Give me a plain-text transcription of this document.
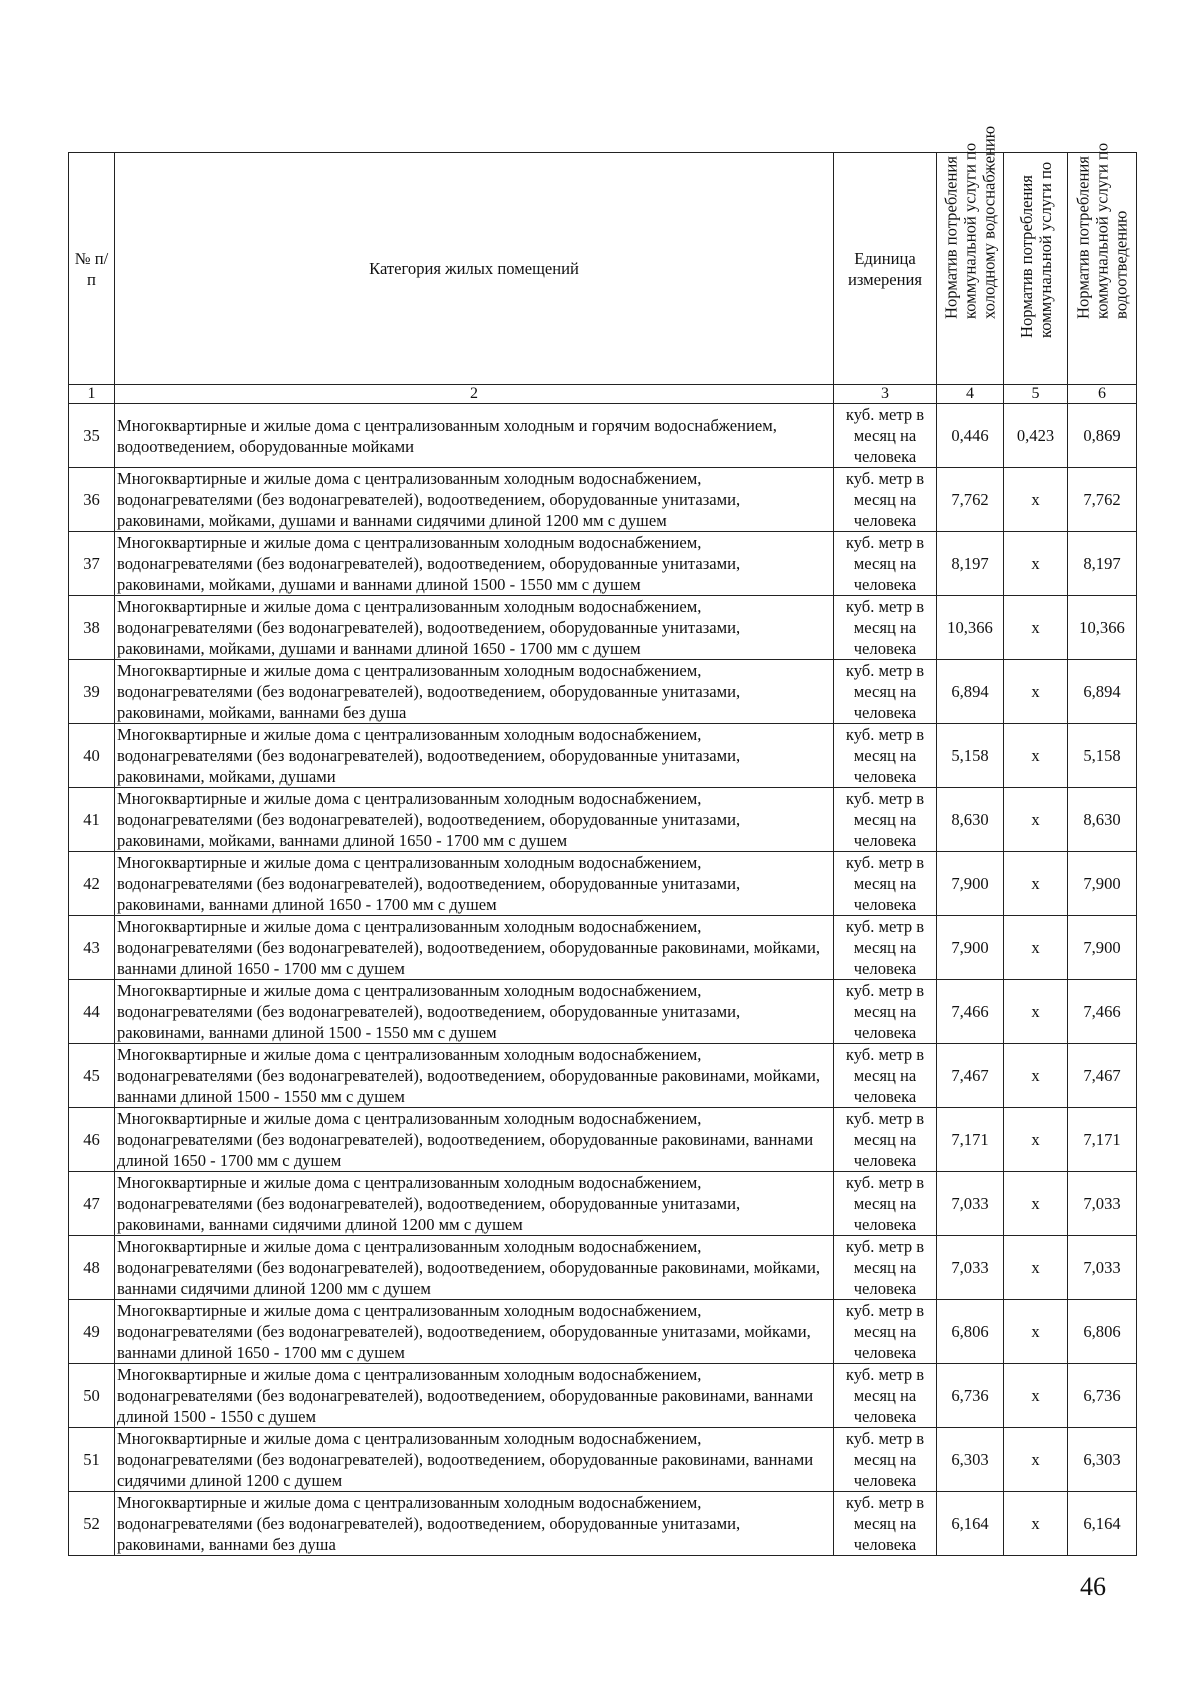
№ п/п	Категория жилых помещений	Единица измерения	Норматив потребления коммунальной услуги по холодному водоснабжению	Норматив потребления коммунальной услуги по	Норматив потребления коммунальной услуги по водоотведению

1	2	3	4	5	6
35	Многоквартирные и жилые дома с централизованным холодным и горячим водоснабжением, водоотведением, оборудованные мойками	куб. метр в месяц на человека	0,446	0,423	0,869
36	Многоквартирные и жилые дома с централизованным холодным водоснабжением, водонагревателями (без водонагревателей), водоотведением, оборудованные унитазами, раковинами, мойками, душами и ваннами сидячими длиной 1200 мм с душем	куб. метр в месяц на человека	7,762	х	7,762
37	Многоквартирные и жилые дома с централизованным холодным водоснабжением, водонагревателями (без водонагревателей), водоотведением, оборудованные унитазами, раковинами, мойками, душами и ваннами длиной 1500 - 1550 мм с душем	куб. метр в месяц на человека	8,197	х	8,197
38	Многоквартирные и жилые дома с централизованным холодным водоснабжением, водонагревателями (без водонагревателей), водоотведением, оборудованные унитазами, раковинами, мойками, душами и ваннами длиной 1650 - 1700 мм с душем	куб. метр в месяц на человека	10,366	х	10,366
39	Многоквартирные и жилые дома с централизованным холодным водоснабжением, водонагревателями (без водонагревателей), водоотведением, оборудованные унитазами, раковинами, мойками, ваннами без душа	куб. метр в месяц на человека	6,894	х	6,894
40	Многоквартирные и жилые дома с централизованным холодным водоснабжением, водонагревателями (без водонагревателей), водоотведением, оборудованные унитазами, раковинами, мойками, душами	куб. метр в месяц на человека	5,158	х	5,158
41	Многоквартирные и жилые дома с централизованным холодным водоснабжением, водонагревателями (без водонагревателей), водоотведением, оборудованные унитазами, раковинами, мойками, ваннами длиной 1650 - 1700 мм с душем	куб. метр в месяц на человека	8,630	х	8,630
42	Многоквартирные и жилые дома с централизованным холодным водоснабжением, водонагревателями (без водонагревателей), водоотведением, оборудованные унитазами, раковинами, ваннами длиной 1650 - 1700 мм с душем	куб. метр в месяц на человека	7,900	х	7,900
43	Многоквартирные и жилые дома с централизованным холодным водоснабжением, водонагревателями (без водонагревателей), водоотведением, оборудованные раковинами, мойками, ваннами длиной 1650 - 1700 мм с душем	куб. метр в месяц на человека	7,900	х	7,900
44	Многоквартирные и жилые дома с централизованным холодным водоснабжением, водонагревателями (без водонагревателей), водоотведением, оборудованные унитазами, раковинами, ваннами длиной 1500 - 1550 мм с душем	куб. метр в месяц на человека	7,466	х	7,466
45	Многоквартирные и жилые дома с централизованным холодным водоснабжением, водонагревателями (без водонагревателей), водоотведением, оборудованные раковинами, мойками, ваннами длиной 1500 - 1550 мм с душем	куб. метр в месяц на человека	7,467	х	7,467
46	Многоквартирные и жилые дома с централизованным холодным водоснабжением, водонагревателями (без водонагревателей), водоотведением, оборудованные раковинами, ваннами длиной 1650 - 1700 мм с душем	куб. метр в месяц на человека	7,171	х	7,171
47	Многоквартирные и жилые дома с централизованным холодным водоснабжением, водонагревателями (без водонагревателей), водоотведением, оборудованные унитазами, раковинами, ваннами сидячими длиной 1200 мм с душем	куб. метр в месяц на человека	7,033	х	7,033
48	Многоквартирные и жилые дома с централизованным холодным водоснабжением, водонагревателями (без водонагревателей), водоотведением, оборудованные раковинами, мойками, ваннами сидячими длиной 1200 мм с душем	куб. метр в месяц на человека	7,033	х	7,033
49	Многоквартирные и жилые дома с централизованным холодным водоснабжением, водонагревателями (без водонагревателей), водоотведением, оборудованные унитазами, мойками, ваннами длиной 1650 - 1700 мм с душем	куб. метр в месяц на человека	6,806	х	6,806
50	Многоквартирные и жилые дома с централизованным холодным водоснабжением, водонагревателями (без водонагревателей), водоотведением, оборудованные раковинами, ваннами длиной 1500 - 1550 с душем	куб. метр в месяц на человека	6,736	х	6,736
51	Многоквартирные и жилые дома с централизованным холодным водоснабжением, водонагревателями (без водонагревателей), водоотведением, оборудованные раковинами, ваннами сидячими длиной 1200 с душем	куб. метр в месяц на человека	6,303	х	6,303
52	Многоквартирные и жилые дома с централизованным холодным водоснабжением, водонагревателями (без водонагревателей), водоотведением, оборудованные унитазами, раковинами, ваннами без душа	куб. метр в месяц на человека	6,164	х	6,164
46
